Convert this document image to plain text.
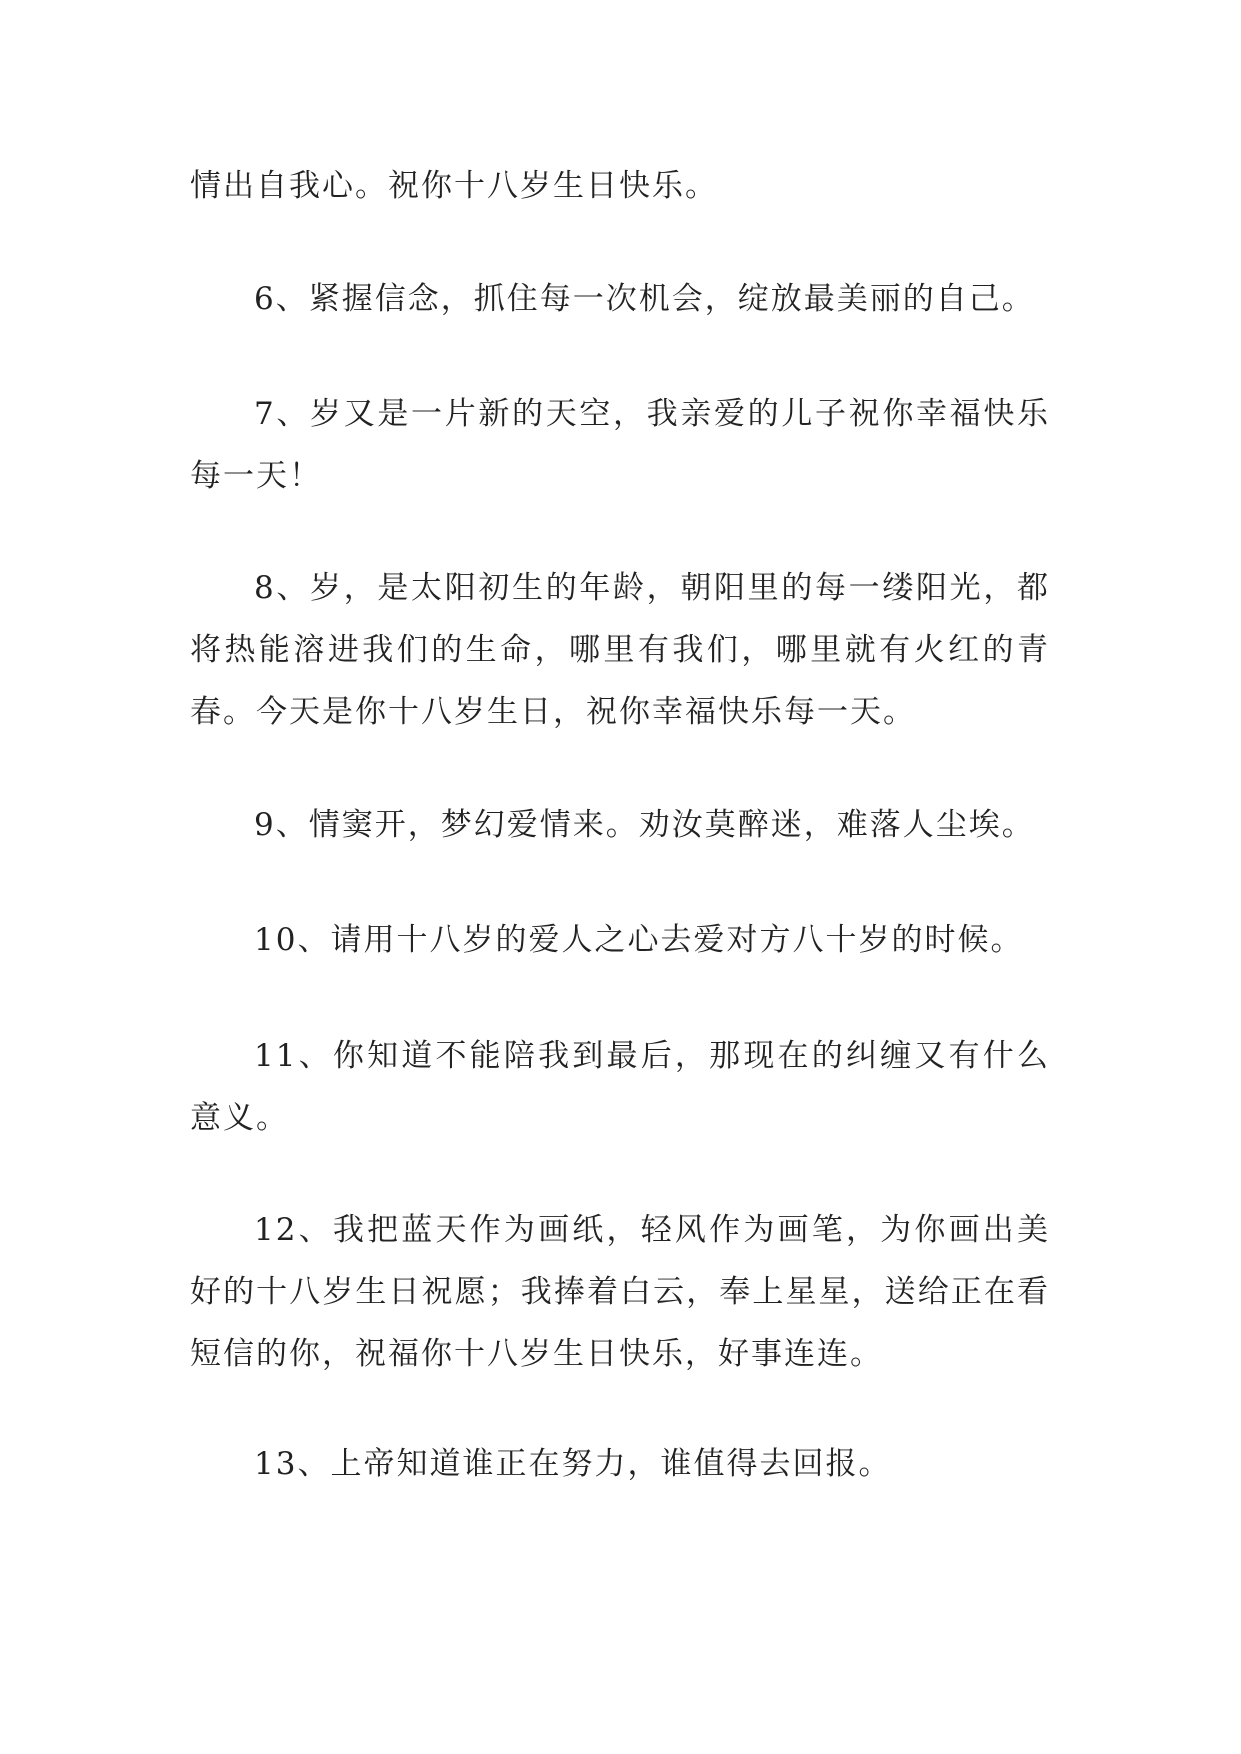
情出自我心。祝你十八岁生日快乐。

6、紧握信念，抓住每一次机会，绽放最美丽的自己。

7、岁又是一片新的天空，我亲爱的儿子祝你幸福快乐每一天！

8、岁，是太阳初生的年龄，朝阳里的每一缕阳光，都将热能溶进我们的生命，哪里有我们，哪里就有火红的青春。今天是你十八岁生日，祝你幸福快乐每一天。

9、情窦开，梦幻爱情来。劝汝莫醉迷，难落人尘埃。

10、请用十八岁的爱人之心去爱对方八十岁的时候。

11、你知道不能陪我到最后，那现在的纠缠又有什么意义。

12、我把蓝天作为画纸，轻风作为画笔，为你画出美好的十八岁生日祝愿；我捧着白云，奉上星星，送给正在看短信的你，祝福你十八岁生日快乐，好事连连。

13、上帝知道谁正在努力，谁值得去回报。
